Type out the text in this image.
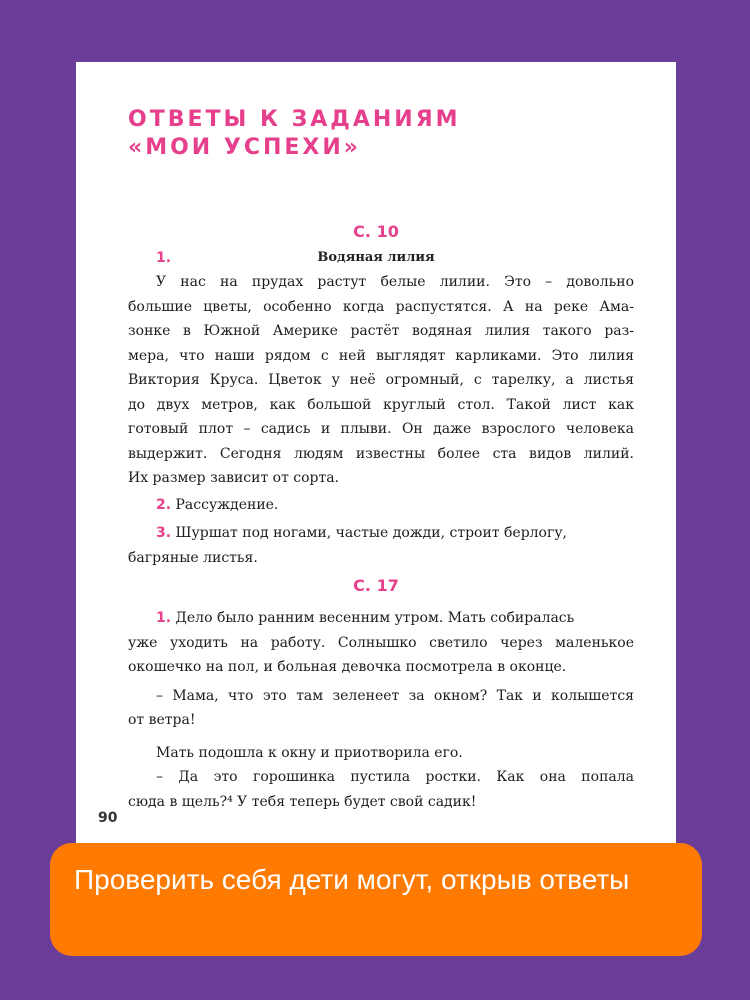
ОТВЕТЫ К ЗАДАНИЯМ
«МОИ УСПЕХИ»
С. 10
1.	Водяная лилия
У нас на прудах растут белые лилии. Это – довольно
большие цветы, особенно когда распустятся. А на реке Ама-
зонке в Южной Америке растёт водяная лилия такого раз-
мера, что наши рядом с ней выглядят карликами. Это лилия
Виктория Круса. Цветок у неё огромный, с тарелку, а листья
до двух метров, как большой круглый стол. Такой лист как
готовый плот – садись и плыви. Он даже взрослого человека
выдержит. Сегодня людям известны более ста видов лилий.
Их размер зависит от сорта.
2. Рассуждение.
3. Шуршат под ногами, частые дожди, строит берлогу,
багряные листья.
С. 17
1. Дело было ранним весенним утром. Мать собиралась
уже уходить на работу. Солнышко светило через маленькое
окошечко на пол, и больная девочка посмотрела в оконце.
– Мама, что это там зеленеет за окном? Так и колышется
от ветра!
Мать подошла к окну и приотворила его.
– Да это горошинка пустила ростки. Как она попала
сюда в щель?⁴ У тебя теперь будет свой садик!
90
Проверить себя дети могут, открыв ответы
